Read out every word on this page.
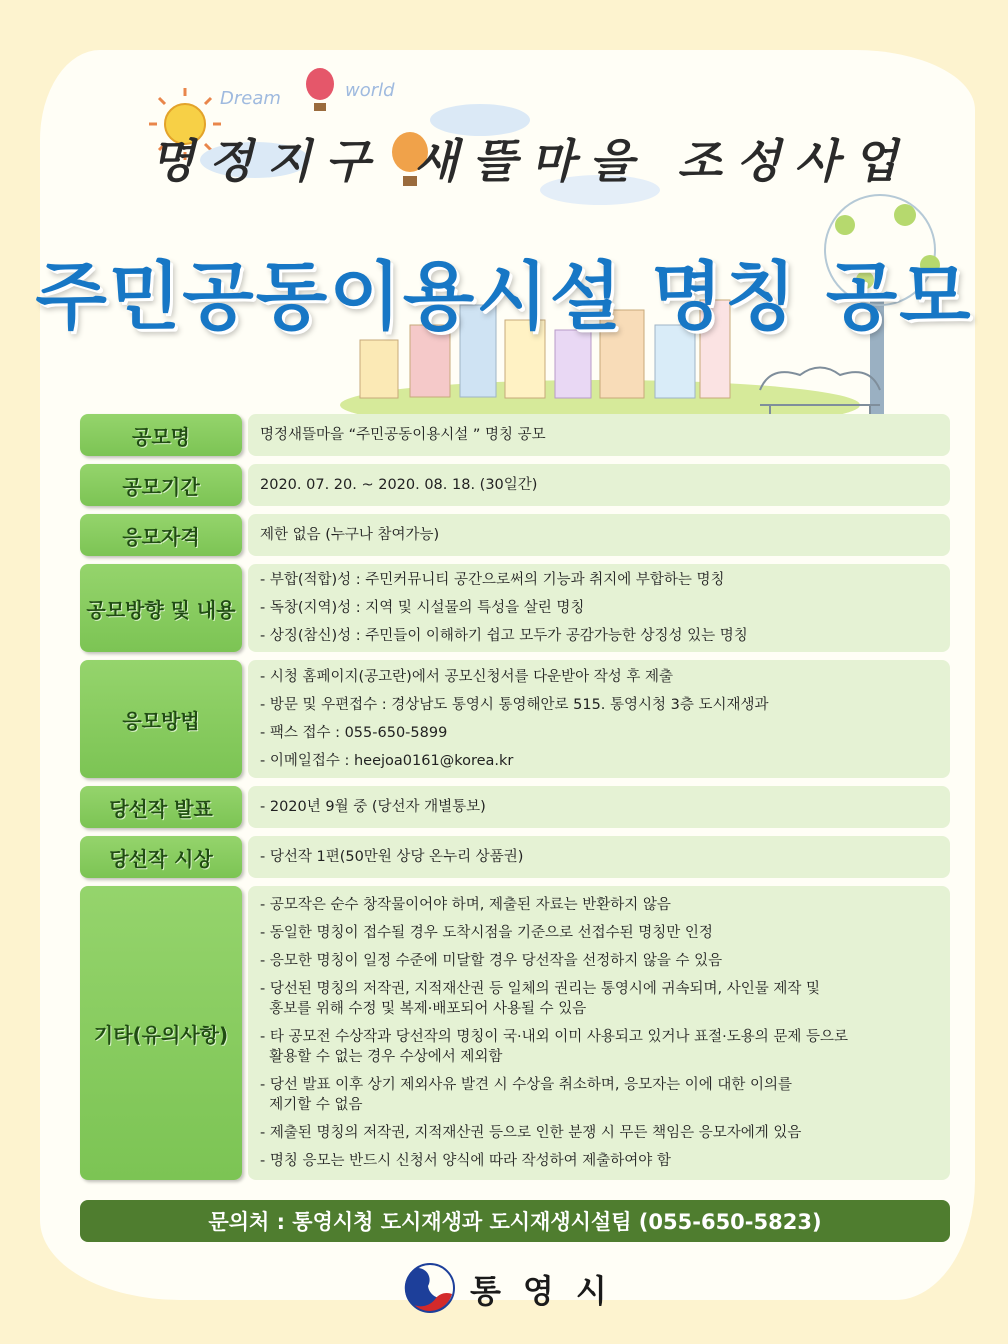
Dream	world
명정지구 새뜰마을 조성사업
주민공동이용시설 명칭 공모
공모명	명정새뜰마을 “주민공동이용시설 ” 명칭 공모
공모기간	2020. 07. 20. ~ 2020. 08. 18. (30일간)
응모자격	제한 없음 (누구나 참여가능)
공모방향 및 내용
- 부합(적합)성 : 주민커뮤니티 공간으로써의 기능과 취지에 부합하는 명칭
- 독창(지역)성 : 지역 및 시설물의 특성을 살린 명칭
- 상징(참신)성 : 주민들이 이해하기 쉽고 모두가 공감가능한 상징성 있는 명칭
응모방법
- 시청 홈페이지(공고란)에서 공모신청서를 다운받아 작성 후 제출
- 방문 및 우편접수 : 경상남도 통영시 통영해안로 515. 통영시청 3층 도시재생과
- 팩스 접수 : 055-650-5899
- 이메일접수 : heejoa0161@korea.kr
당선작 발표	- 2020년 9월 중 (당선자 개별통보)
당선작 시상	- 당선작 1편(50만원 상당 온누리 상품권)
기타(유의사항)
- 공모작은 순수 창작물이어야 하며, 제출된 자료는 반환하지 않음
- 동일한 명칭이 접수될 경우 도착시점을 기준으로 선접수된 명칭만 인정
- 응모한 명칭이 일정 수준에 미달할 경우 당선작을 선정하지 않을 수 있음
- 당선된 명칭의 저작권, 지적재산권 등 일체의 권리는 통영시에 귀속되며, 사인물 제작 및
홍보를 위해 수정 및 복제·배포되어 사용될 수 있음
- 타 공모전 수상작과 당선작의 명칭이 국·내외 이미 사용되고 있거나 표절·도용의 문제 등으로
활용할 수 없는 경우 수상에서 제외함
- 당선 발표 이후 상기 제외사유 발견 시 수상을 취소하며, 응모자는 이에 대한 이의를
제기할 수 없음
- 제출된 명칭의 저작권, 지적재산권 등으로 인한 분쟁 시 무든 책임은 응모자에게 있음
- 명칭 응모는 반드시 신청서 양식에 따라 작성하여 제출하여야 함
문의처 : 통영시청 도시재생과 도시재생시설팀 (055-650-5823)
통영시
